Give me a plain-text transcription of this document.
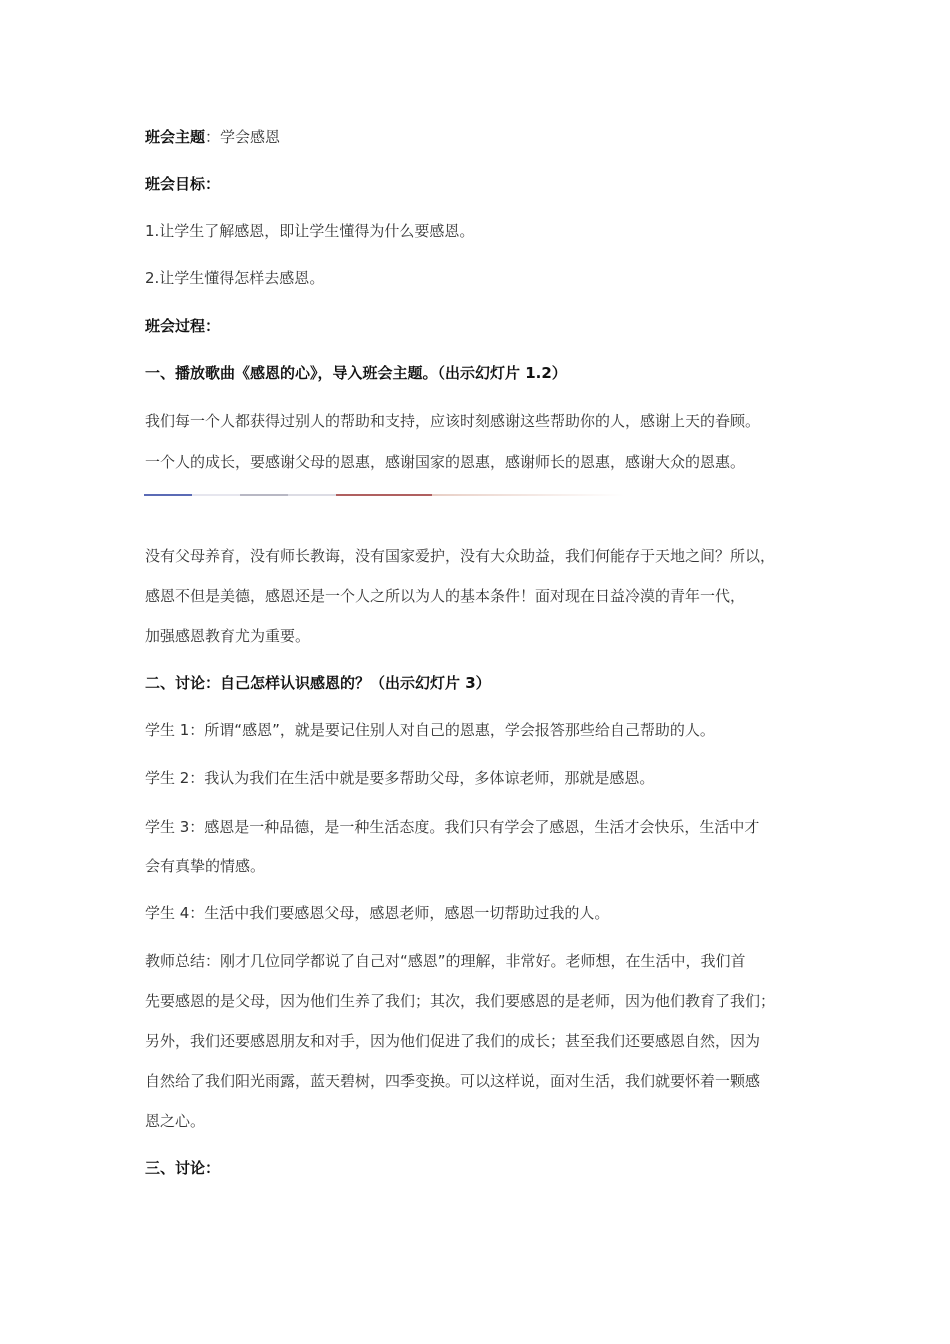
班会主题：学会感恩
班会目标：
1.让学生了解感恩，即让学生懂得为什么要感恩。
2.让学生懂得怎样去感恩。
班会过程：
一、播放歌曲《感恩的心》，导入班会主题。（出示幻灯片 1.2）
我们每一个人都获得过别人的帮助和支持，应该时刻感谢这些帮助你的人，感谢上天的眷顾。
一个人的成长，要感谢父母的恩惠，感谢国家的恩惠，感谢师长的恩惠，感谢大众的恩惠。
没有父母养育，没有师长教诲，没有国家爱护，没有大众助益，我们何能存于天地之间？所以，
感恩不但是美德，感恩还是一个人之所以为人的基本条件！面对现在日益冷漠的青年一代，
加强感恩教育尤为重要。
二、讨论：自己怎样认识感恩的？（出示幻灯片 3）
学生 1：所谓“感恩”，就是要记住别人对自己的恩惠，学会报答那些给自己帮助的人。
学生 2：我认为我们在生活中就是要多帮助父母，多体谅老师，那就是感恩。
学生 3：感恩是一种品德，是一种生活态度。我们只有学会了感恩，生活才会快乐，生活中才
会有真挚的情感。
学生 4：生活中我们要感恩父母，感恩老师，感恩一切帮助过我的人。
教师总结：刚才几位同学都说了自己对“感恩”的理解，非常好。老师想，在生活中，我们首
先要感恩的是父母，因为他们生养了我们；其次，我们要感恩的是老师，因为他们教育了我们；
另外，我们还要感恩朋友和对手，因为他们促进了我们的成长；甚至我们还要感恩自然，因为
自然给了我们阳光雨露，蓝天碧树，四季变换。可以这样说，面对生活，我们就要怀着一颗感
恩之心。
三、讨论：
